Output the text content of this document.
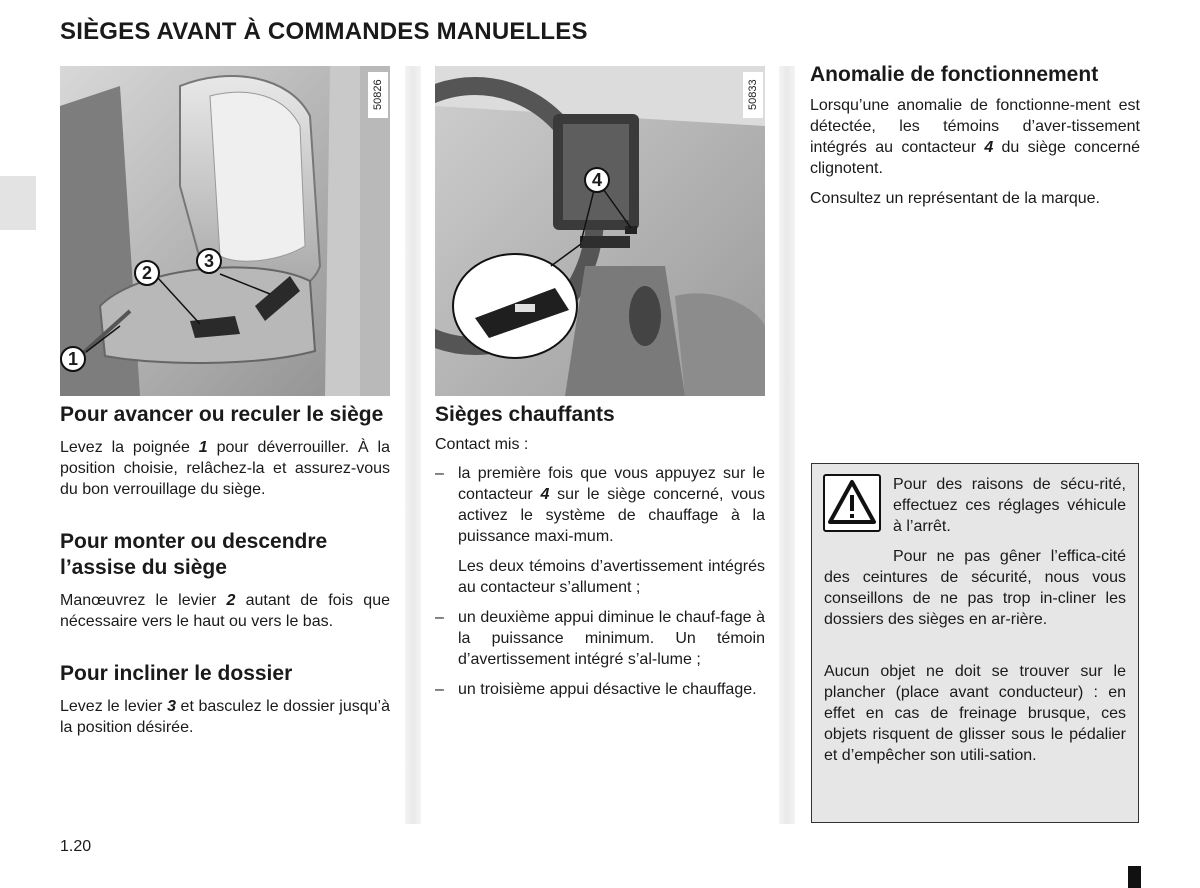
SIÈGES AVANT À COMMANDES MANUELLES
2
3
1
50826
4
50833
Pour avancer ou reculer le siège
Levez la poignée 1 pour déverrouiller. À la position choisie, relâchez-la et assurez-vous du bon verrouillage du siège.
Pour monter ou descendre l’assise du siège
Manœuvrez le levier 2 autant de fois que nécessaire vers le haut ou vers le bas.
Pour incliner le dossier
Levez le levier 3 et basculez le dossier jusqu’à la position désirée.
Sièges chauffants
Contact mis :
– la première fois que vous appuyez sur le contacteur 4 sur le siège concerné, vous activez le système de chauffage à la puissance maxi-mum.
Les deux témoins d’avertissement intégrés au contacteur s’allument ;
– un deuxième appui diminue le chauf-fage à la puissance minimum. Un témoin d’avertissement intégré s’al-lume ;
– un troisième appui désactive le chauffage.
Anomalie de fonctionnement
Lorsqu’une anomalie de fonctionne-ment est détectée, les témoins d’aver-tissement intégrés au contacteur 4 du siège concerné clignotent.
Consultez un représentant de la marque.
Pour des raisons de sécu-rité, effectuez ces réglages véhicule à l’arrêt.
Pour ne pas gêner l’effica-cité des ceintures de sécurité, nous vous conseillons de ne pas trop in-cliner les dossiers des sièges en ar-rière.
Aucun objet ne doit se trouver sur le plancher (place avant conducteur) : en effet en cas de freinage brusque, ces objets risquent de glisser sous le pédalier et d’empêcher son utili-sation.
1.20
